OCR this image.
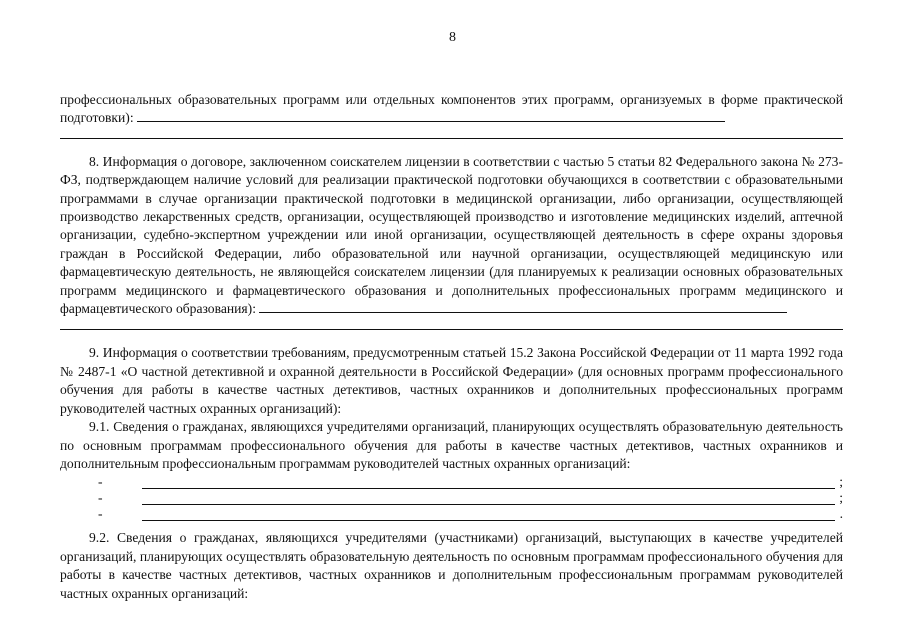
8

профессиональных образовательных программ или отдельных компонентов этих программ, организуемых в форме практической подготовки):

8. Информация о договоре, заключенном соискателем лицензии в соответствии с частью 5 статьи 82 Федерального закона № 273-ФЗ, подтверждающем наличие условий для реализации практической подготовки обучающихся в соответствии с образовательными программами в случае организации практической подготовки в медицинской организации, либо организации, осуществляющей производство лекарственных средств, организации, осуществляющей производство и изготовление медицинских изделий, аптечной организации, судебно-экспертном учреждении или иной организации, осуществляющей деятельность в сфере охраны здоровья граждан в Российской Федерации, либо образовательной или научной организации, осуществляющей медицинскую или фармацевтическую деятельность, не являющейся соискателем лицензии (для планируемых к реализации основных образовательных программ медицинского и фармацевтического образования и дополнительных профессиональных программ медицинского и фармацевтического образования):

9. Информация о соответствии требованиям, предусмотренным статьей 15.2 Закона Российской Федерации от 11 марта 1992 года № 2487-1 «О частной детективной и охранной деятельности в Российской Федерации» (для основных программ профессионального обучения для работы в качестве частных детективов, частных охранников и дополнительных профессиональных программ руководителей частных охранных организаций):

9.1. Сведения о гражданах, являющихся учредителями организаций, планирующих осуществлять образовательную деятельность по основным программам профессионального обучения для работы в качестве частных детективов, частных охранников и дополнительным профессиональным программам руководителей частных охранных организаций:

-	;
-	;
-	.

9.2. Сведения о гражданах, являющихся учредителями (участниками) организаций, выступающих в качестве учредителей организаций, планирующих осуществлять образовательную деятельность по основным программам профессионального обучения для работы в качестве частных детективов, частных охранников и дополнительным профессиональным программам руководителей частных охранных организаций:
